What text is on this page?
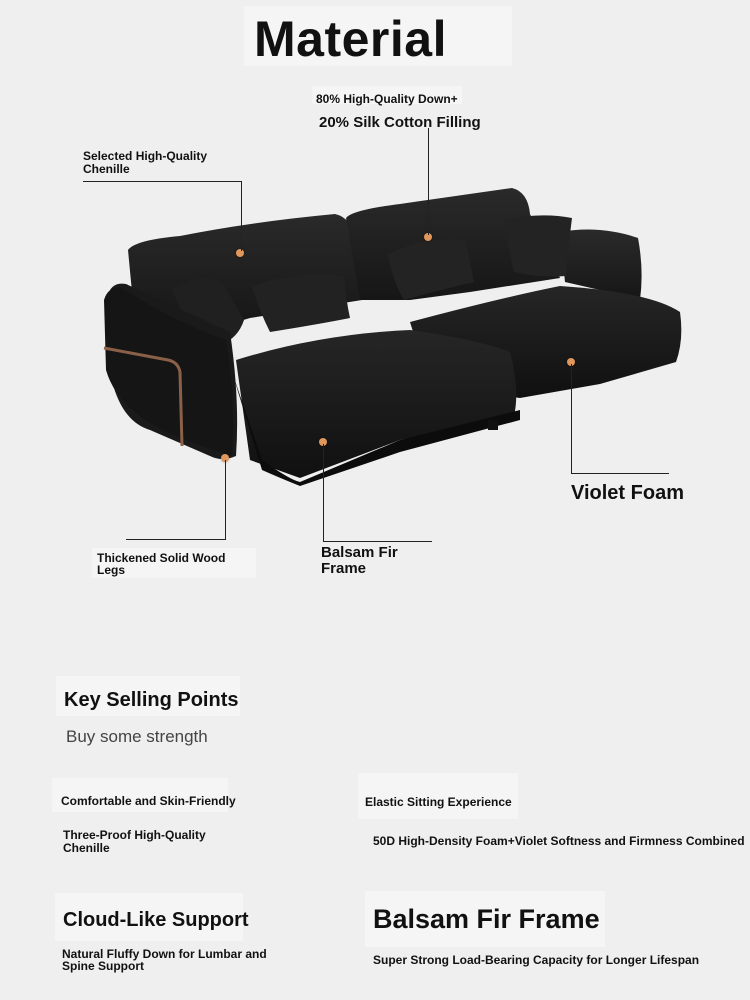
Material
80% High-Quality Down+
20% Silk Cotton Filling
Selected High-Quality
Chenille
Violet Foam
Balsam Fir
Frame
Thickened Solid Wood
Legs
Key Selling Points
Buy some strength
Comfortable and Skin-Friendly
Three-Proof High-Quality
Chenille
Elastic Sitting Experience
50D High-Density Foam+Violet Softness and Firmness Combined
Cloud-Like Support
Natural Fluffy Down for Lumbar and
Spine Support
Balsam Fir Frame
Super Strong Load-Bearing Capacity for Longer Lifespan
